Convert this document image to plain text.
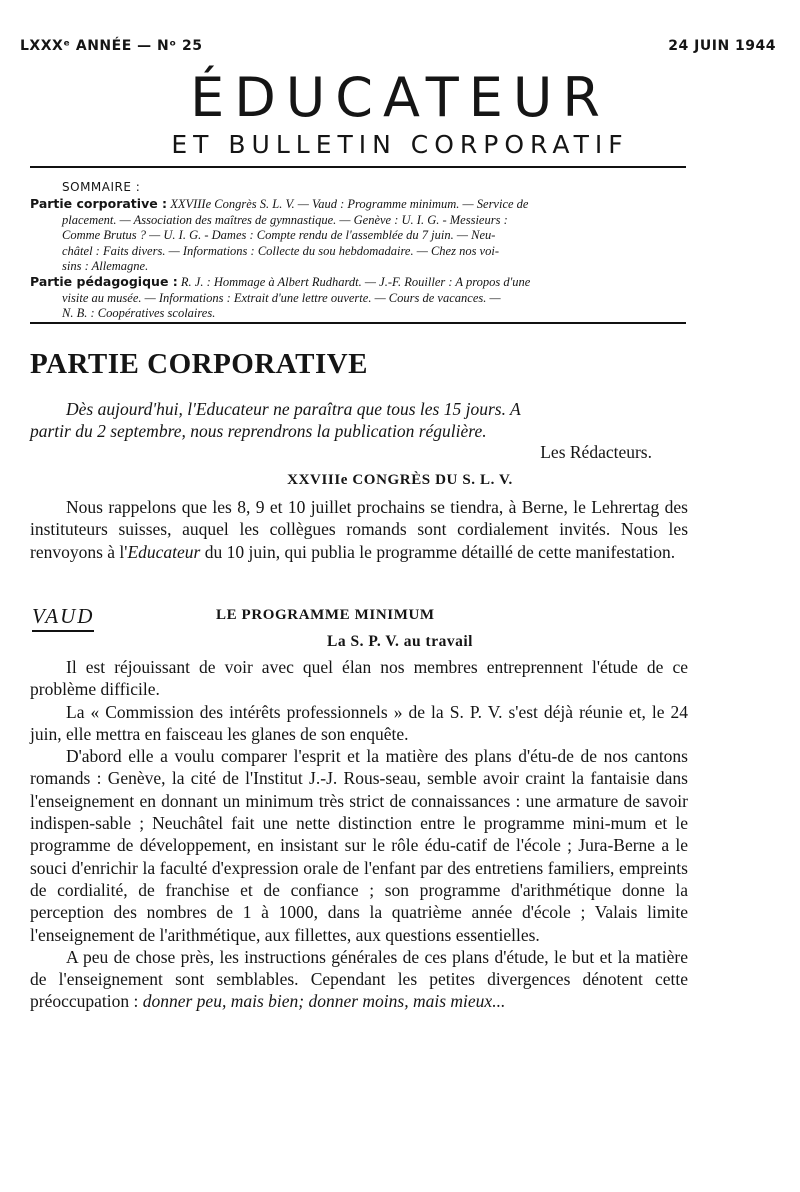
LXXXᵉ ANNÉE — Nᵒ 25	24 JUIN 1944
ÉDUCATEUR
ET BULLETIN CORPORATIF
SOMMAIRE :
Partie corporative : XXVIIIe Congrès S. L. V. — Vaud : Programme minimum. — Service de
placement. — Association des maîtres de gymnastique. — Genève : U. I. G. - Messieurs :
Comme Brutus ? — U. I. G. - Dames : Compte rendu de l'assemblée du 7 juin. — Neu-
châtel : Faits divers. — Informations : Collecte du sou hebdomadaire. — Chez nos voi-
sins : Allemagne.
Partie pédagogique : R. J. : Hommage à Albert Rudhardt. — J.-F. Rouiller : A propos d'une
visite au musée. — Informations : Extrait d'une lettre ouverte. — Cours de vacances. —
N. B. : Coopératives scolaires.
PARTIE CORPORATIVE
Dès aujourd'hui, l'Educateur ne paraîtra que tous les 15 jours. A
partir du 2 septembre, nous reprendrons la publication régulière.
Les Rédacteurs.
XXVIIIe CONGRÈS DU S. L. V.
Nous rappelons que les 8, 9 et 10 juillet prochains se tiendra, à Berne, le Lehrertag des instituteurs suisses, auquel les collègues romands sont cordialement invités. Nous les renvoyons à l'Educateur du 10 juin, qui publia le programme détaillé de cette manifestation.
VAUD	LE PROGRAMME MINIMUM
La S. P. V. au travail

Il est réjouissant de voir avec quel élan nos membres entreprennent l'étude de ce problème difficile.

La « Commission des intérêts professionnels » de la S. P. V. s'est déjà réunie et, le 24 juin, elle mettra en faisceau les glanes de son enquête.

D'abord elle a voulu comparer l'esprit et la matière des plans d'étu-de de nos cantons romands : Genève, la cité de l'Institut J.-J. Rous-seau, semble avoir craint la fantaisie dans l'enseignement en donnant un minimum très strict de connaissances : une armature de savoir indispen-sable ; Neuchâtel fait une nette distinction entre le programme mini-mum et le programme de développement, en insistant sur le rôle édu-catif de l'école ; Jura-Berne a le souci d'enrichir la faculté d'expression orale de l'enfant par des entretiens familiers, empreints de cordialité, de franchise et de confiance ; son programme d'arithmétique donne la perception des nombres de 1 à 1000, dans la quatrième année d'école ; Valais limite l'enseignement de l'arithmétique, aux fillettes, aux questions essentielles.

A peu de chose près, les instructions générales de ces plans d'étude, le but et la matière de l'enseignement sont semblables. Cependant les petites divergences dénotent cette préoccupation : donner peu, mais bien; donner moins, mais mieux...
